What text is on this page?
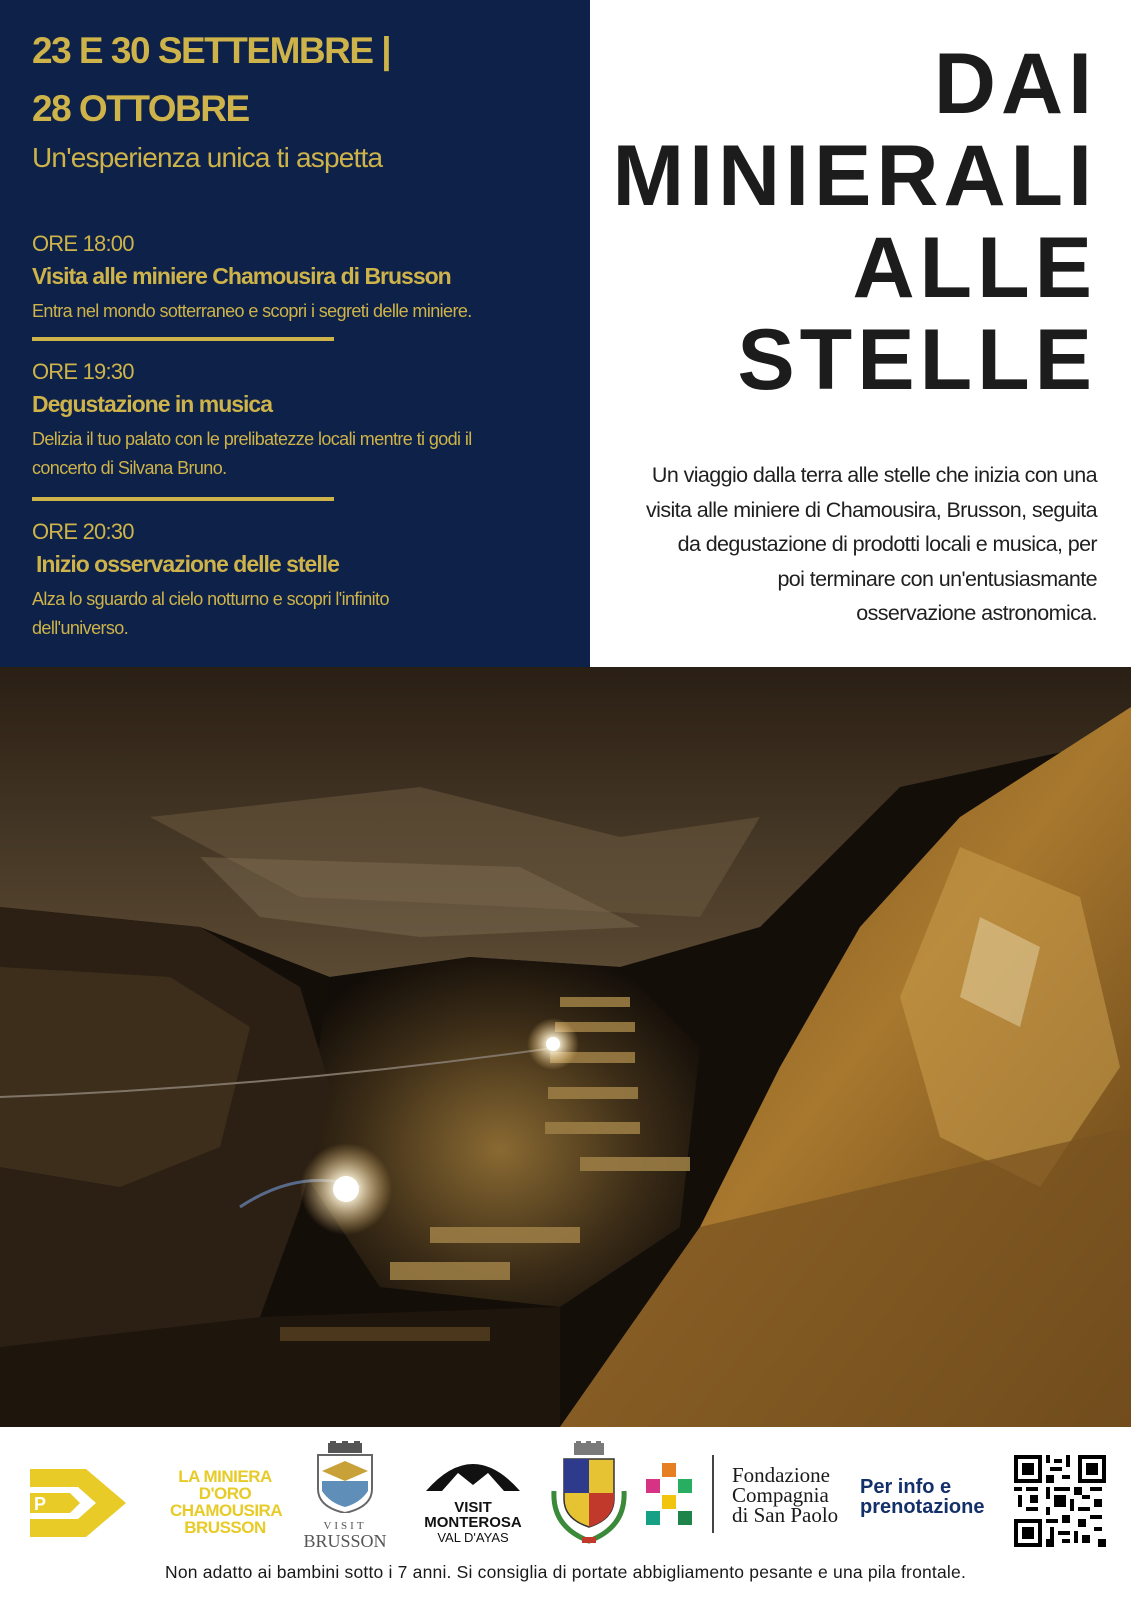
23 E 30 SETTEMBRE |
28 OTTOBRE
Un'esperienza unica ti aspetta
ORE 18:00
Visita alle miniere Chamousira di Brusson
Entra nel mondo sotterraneo e scopri i segreti delle miniere.
ORE 19:30
Degustazione in musica
Delizia il tuo palato con le prelibatezze locali mentre ti godi il
concerto di Silvana Bruno.
ORE 20:30
Inizio osservazione delle stelle
Alza lo sguardo al cielo notturno e scopri l'infinito
dell'universo.
DAI
MINIERALI
ALLE
STELLE
Un viaggio dalla terra alle stelle che inizia con una
visita alle miniere di Chamousira, Brusson, seguita
da degustazione di prodotti locali e musica, per
poi terminare con un'entusiasmante
osservazione astronomica.
P
LA MINIERA
D'ORO
CHAMOUSIRA
BRUSSON	VISIT
BRUSSON
VISIT
MONTEROSA
VAL D'AYAS
Fondazione
Compagnia
di San Paolo
Per info e
prenotazione
Non adatto ai bambini sotto i 7 anni. Si consiglia di portate abbigliamento pesante e una pila frontale.
